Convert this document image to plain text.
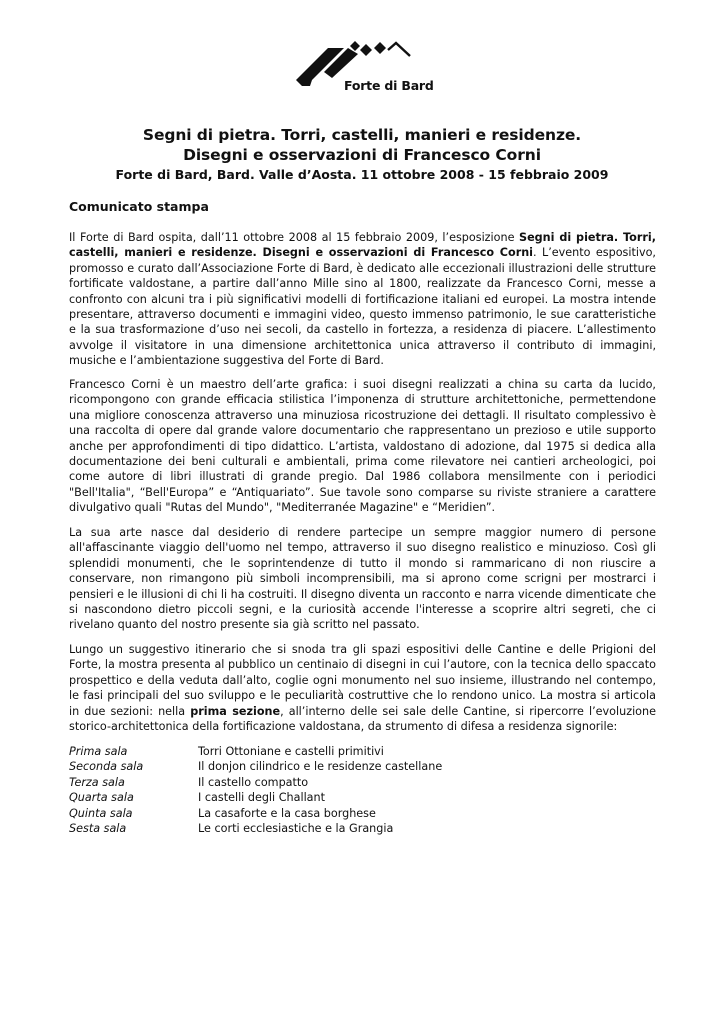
Forte di Bard
Segni di pietra. Torri, castelli, manieri e residenze.
Disegni e osservazioni di Francesco Corni
Forte di Bard, Bard. Valle d’Aosta. 11 ottobre 2008 - 15 febbraio 2009
Comunicato stampa
Il Forte di Bard ospita, dall’11 ottobre 2008 al 15 febbraio 2009, l’esposizione Segni di pietra. Torri, castelli, manieri e residenze. Disegni e osservazioni di Francesco Corni. L’evento espositivo, promosso e curato dall’Associazione Forte di Bard, è dedicato alle eccezionali illustrazioni delle strutture fortificate valdostane, a partire dall’anno Mille sino al 1800, realizzate da Francesco Corni, messe a confronto con alcuni tra i più significativi modelli di fortificazione italiani ed europei. La mostra intende presentare, attraverso documenti e immagini video, questo immenso patrimonio, le sue caratteristiche e la sua trasformazione d’uso nei secoli, da castello in fortezza, a residenza di piacere. L’allestimento avvolge il visitatore in una dimensione architettonica unica attraverso il contributo di immagini, musiche e l’ambientazione suggestiva del Forte di Bard.
Francesco Corni è un maestro dell’arte grafica: i suoi disegni realizzati a china su carta da lucido, ricompongono con grande efficacia stilistica l’imponenza di strutture architettoniche, permettendone una migliore conoscenza attraverso una minuziosa ricostruzione dei dettagli. Il risultato complessivo è una raccolta di opere dal grande valore documentario che rappresentano un prezioso e utile supporto anche per approfondimenti di tipo didattico. L’artista, valdostano di adozione, dal 1975 si dedica alla documentazione dei beni culturali e ambientali, prima come rilevatore nei cantieri archeologici, poi come autore di libri illustrati di grande pregio. Dal 1986 collabora mensilmente con i periodici "Bell'Italia", “Bell'Europa” e “Antiquariato”. Sue tavole sono comparse su riviste straniere a carattere divulgativo quali "Rutas del Mundo", "Mediterranée Magazine" e “Meridien”.
La sua arte nasce dal desiderio di rendere partecipe un sempre maggior numero di persone all'affascinante viaggio dell'uomo nel tempo, attraverso il suo disegno realistico e minuzioso. Così gli splendidi monumenti, che le soprintendenze di tutto il mondo si rammaricano di non riuscire a conservare, non rimangono più simboli incomprensibili, ma si aprono come scrigni per mostrarci i pensieri e le illusioni di chi li ha costruiti. Il disegno diventa un racconto e narra vicende dimenticate che si nascondono dietro piccoli segni, e la curiosità accende l'interesse a scoprire altri segreti, che ci rivelano quanto del nostro presente sia già scritto nel passato.
Lungo un suggestivo itinerario che si snoda tra gli spazi espositivi delle Cantine e delle Prigioni del Forte, la mostra presenta al pubblico un centinaio di disegni in cui l’autore, con la tecnica dello spaccato prospettico e della veduta dall’alto, coglie ogni monumento nel suo insieme, illustrando nel contempo, le fasi principali del suo sviluppo e le peculiarità costruttive che lo rendono unico. La mostra si articola in due sezioni: nella prima sezione, all’interno delle sei sale delle Cantine, si ripercorre l’evoluzione storico-architettonica della fortificazione valdostana, da strumento di difesa a residenza signorile:
Prima sala	Torri Ottoniane e castelli primitivi
Seconda sala	Il donjon cilindrico e le residenze castellane
Terza sala	Il castello compatto
Quarta sala	I castelli degli Challant
Quinta sala	La casaforte e la casa borghese
Sesta sala	Le corti ecclesiastiche e la Grangia
